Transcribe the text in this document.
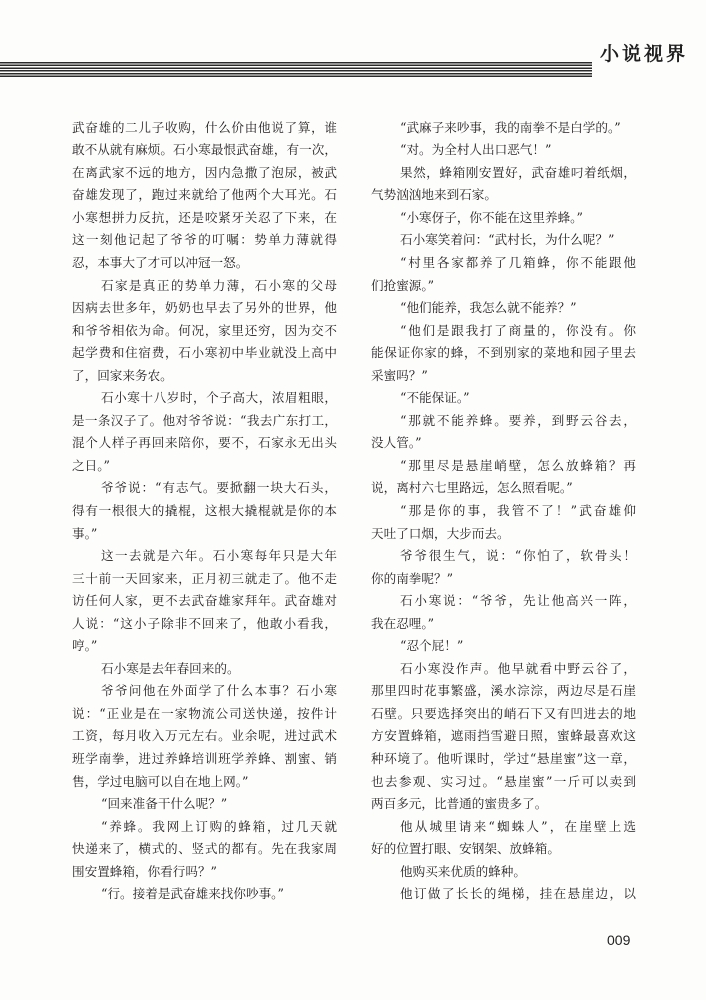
小说视界
武奋雄的二儿子收购，什么价由他说了算，谁
敢不从就有麻烦。石小寒最恨武奋雄，有一次，
在离武家不远的地方，因内急撒了泡尿，被武
奋雄发现了，跑过来就给了他两个大耳光。石
小寒想拼力反抗，还是咬紧牙关忍了下来，在
这一刻他记起了爷爷的叮嘱：势单力薄就得
忍，本事大了才可以冲冠一怒。
石家是真正的势单力薄，石小寒的父母
因病去世多年，奶奶也早去了另外的世界，他
和爷爷相依为命。何况，家里还穷，因为交不
起学费和住宿费，石小寒初中毕业就没上高中
了，回家来务农。
石小寒十八岁时，个子高大，浓眉粗眼，
是一条汉子了。他对爷爷说：“我去广东打工，
混个人样子再回来陪你，要不，石家永无出头
之日。”
爷爷说：“有志气。要掀翻一块大石头，
得有一根很大的撬棍，这根大撬棍就是你的本
事。”
这一去就是六年。石小寒每年只是大年
三十前一天回家来，正月初三就走了。他不走
访任何人家，更不去武奋雄家拜年。武奋雄对
人说：“这小子除非不回来了，他敢小看我，
哼。”
石小寒是去年春回来的。
爷爷问他在外面学了什么本事？石小寒
说：“正业是在一家物流公司送快递，按件计
工资，每月收入万元左右。业余呢，进过武术
班学南拳，进过养蜂培训班学养蜂、割蜜、销
售，学过电脑可以自在地上网。”
“回来准备干什么呢？”
“养蜂。我网上订购的蜂箱，过几天就
快递来了，横式的、竖式的都有。先在我家周
围安置蜂箱，你看行吗？”
“行。接着是武奋雄来找你吵事。”
“武麻子来吵事，我的南拳不是白学的。”
“对。为全村人出口恶气！”
果然，蜂箱刚安置好，武奋雄叼着纸烟，
气势汹汹地来到石家。
“小寒伢子，你不能在这里养蜂。”
石小寒笑着问：“武村长，为什么呢？”
“村里各家都养了几箱蜂，你不能跟他
们抢蜜源。”
“他们能养，我怎么就不能养？”
“他们是跟我打了商量的，你没有。你
能保证你家的蜂，不到别家的菜地和园子里去
采蜜吗？”
“不能保证。”
“那就不能养蜂。要养，到野云谷去，
没人管。”
“那里尽是悬崖峭壁，怎么放蜂箱？再
说，离村六七里路远，怎么照看呢。”
“那是你的事，我管不了！”武奋雄仰
天吐了口烟，大步而去。
爷爷很生气，说：“你怕了，软骨头！
你的南拳呢？”
石小寒说：“爷爷，先让他高兴一阵，
我在忍哩。”
“忍个屁！”
石小寒没作声。他早就看中野云谷了，
那里四时花事繁盛，溪水淙淙，两边尽是石崖
石壁。只要选择突出的峭石下又有凹进去的地
方安置蜂箱，遮雨挡雪避日照，蜜蜂最喜欢这
种环境了。他听课时，学过“悬崖蜜”这一章，
也去参观、实习过。“悬崖蜜”一斤可以卖到
两百多元，比普通的蜜贵多了。
他从城里请来“蜘蛛人”，在崖壁上选
好的位置打眼、安钢架、放蜂箱。
他购买来优质的蜂种。
他订做了长长的绳梯，挂在悬崖边，以
009
